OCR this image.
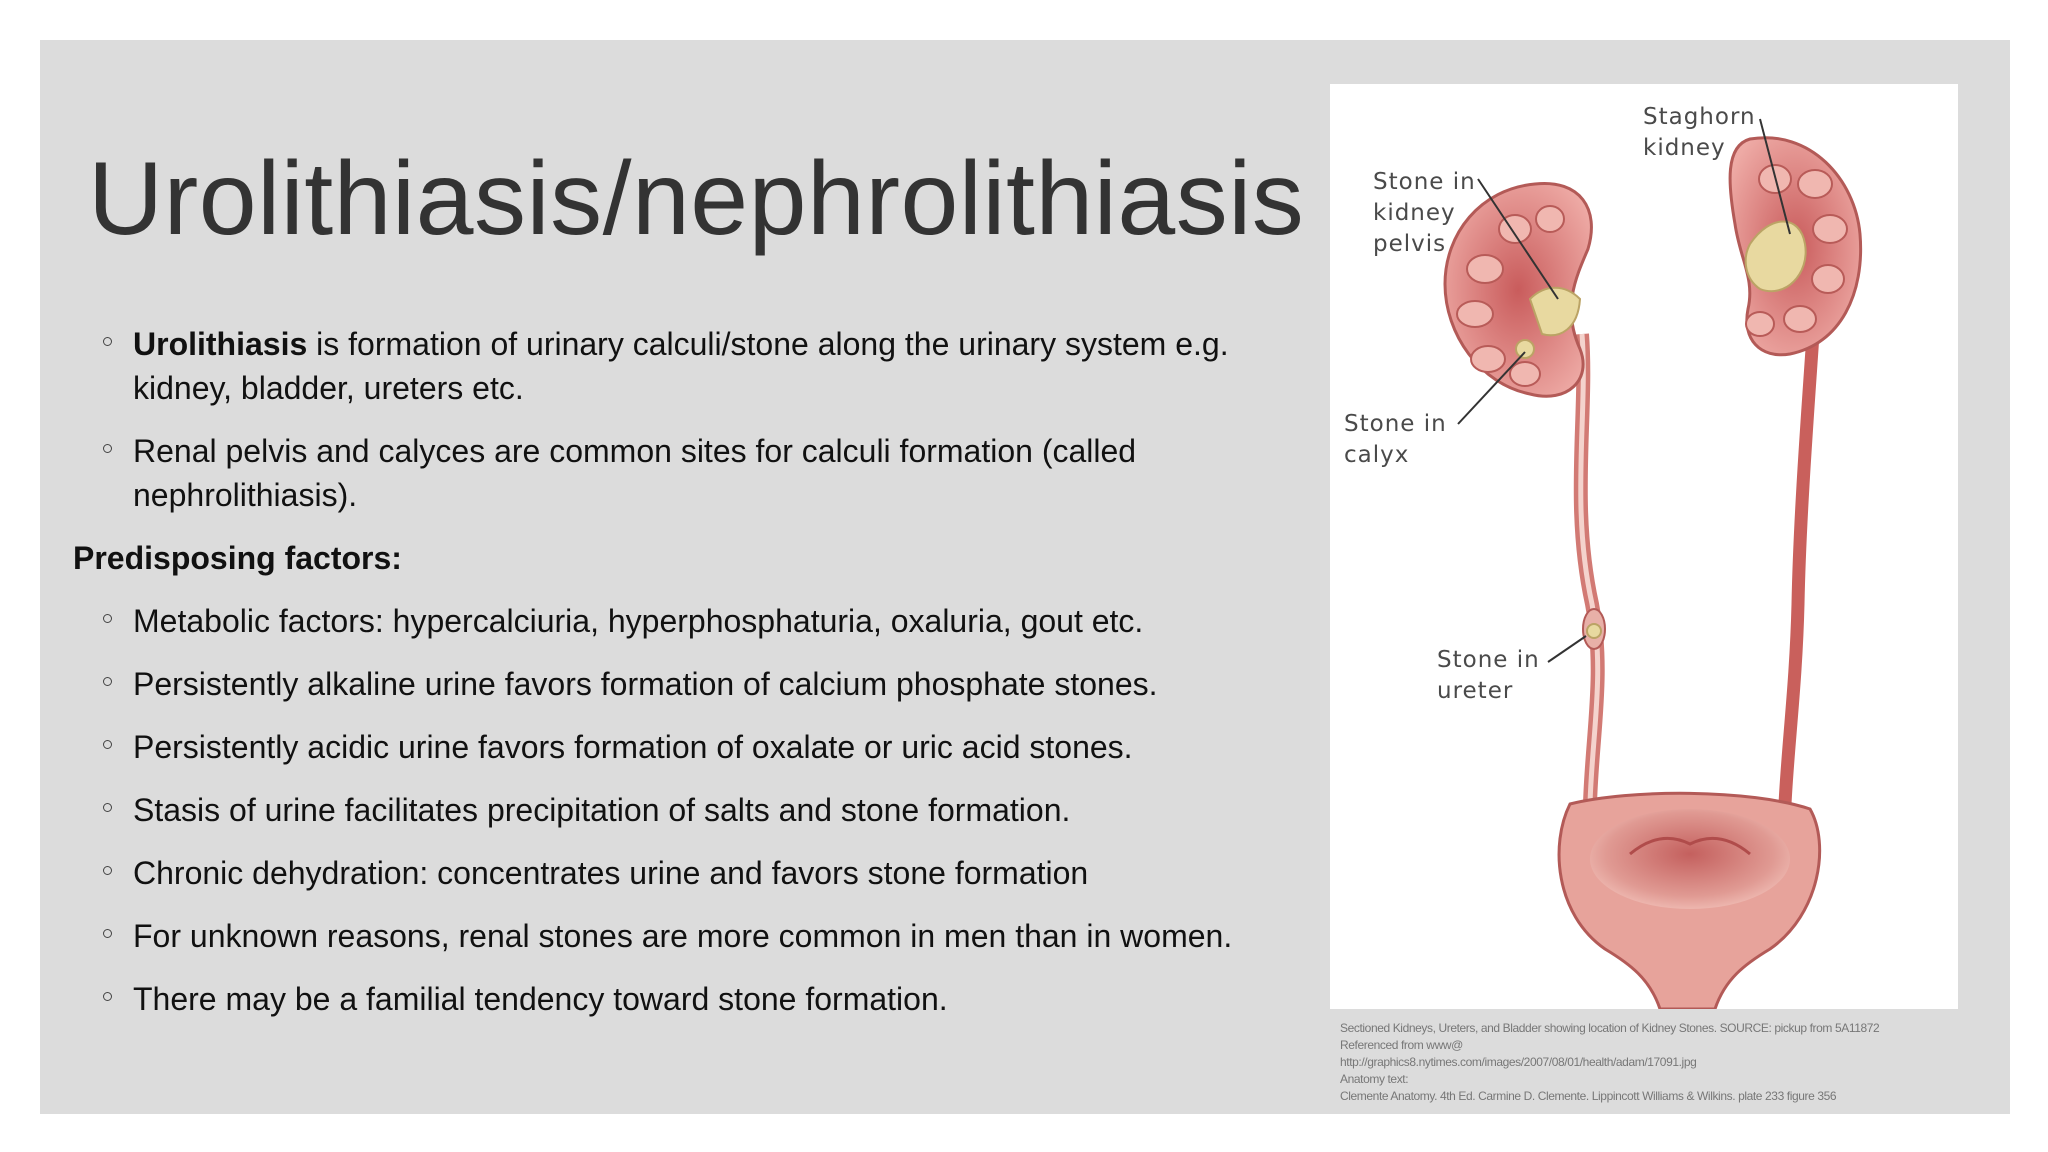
Urolithiasis/nephrolithiasis
Urolithiasis is formation of urinary calculi/stone along the urinary system e.g. kidney, bladder, ureters etc.
Renal pelvis and calyces are common sites for calculi formation (called nephrolithiasis).
Predisposing factors:
Metabolic factors: hypercalciuria, hyperphosphaturia, oxaluria, gout etc.
Persistently alkaline urine favors formation of calcium phosphate stones.
Persistently acidic urine favors formation of oxalate or uric acid stones.
Stasis of urine facilitates precipitation of salts and stone formation.
Chronic dehydration: concentrates urine and favors stone formation
For unknown reasons, renal stones are more common in men than in women.
There may be a familial tendency toward stone formation.
Staghorn
kidney
Stone in
kidney
pelvis
Stone in
calyx
Stone in
ureter
Sectioned Kidneys, Ureters, and Bladder showing location of Kidney Stones. SOURCE: pickup from 5A11872
Referenced from www@
http://graphics8.nytimes.com/images/2007/08/01/health/adam/17091.jpg
Anatomy text:
Clemente Anatomy. 4th Ed. Carmine D. Clemente. Lippincott Williams & Wilkins. plate 233 figure 356
